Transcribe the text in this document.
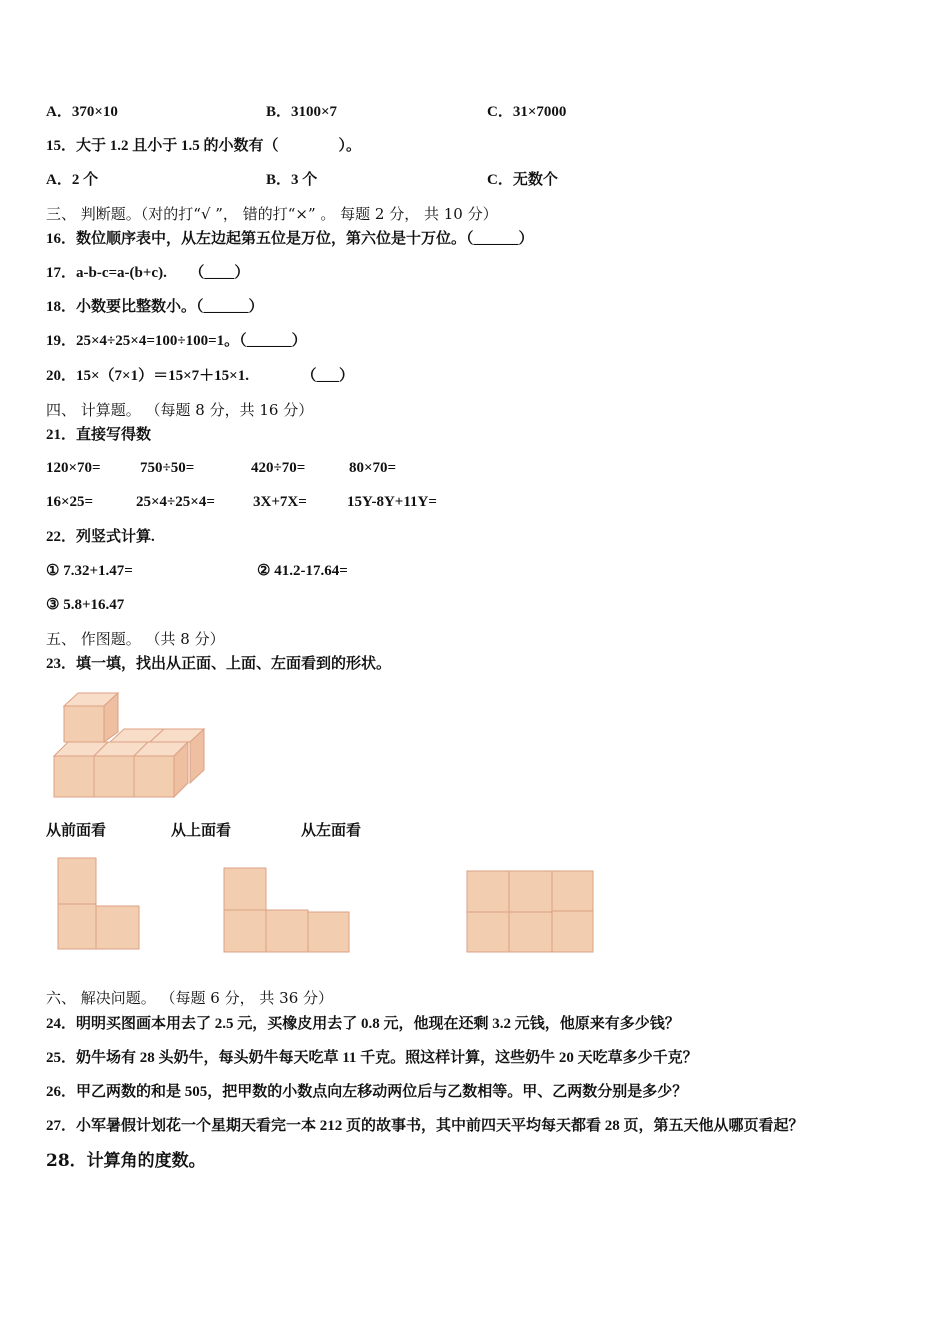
A．370×10	B．3100×7	C．31×7000
15．大于 1.2 且小于 1.5 的小数有（　　　　）。
A．2 个	B．3 个	C．无数个
三、 判断题。（对的打“√ ”， 错的打“×” 。 每题 2 分， 共 10 分）
16．数位顺序表中，从左边起第五位是万位，第六位是十万位。（______）
17．a-b-c=a-(b+c).　　（____）
18．小数要比整数小。（______）
19．25×4÷25×4=100÷100=1。（______）
20．15×（7×1）＝15×7＋15×1.　　　　（___）
四、 计算题。 （每题 8 分，共 16 分）
21．直接写得数
120×70=	750÷50=	420÷70=	80×70=
16×25=	25×4÷25×4=	3X+7X=	15Y-8Y+11Y=
22．列竖式计算.
① 7.32+1.47=	② 41.2-17.64=
③ 5.8+16.47
五、 作图题。 （共 8 分）
23．填一填，找出从正面、上面、左面看到的形状。
从前面看	从上面看	从左面看
六、 解决问题。 （每题 6 分， 共 36 分）
24．明明买图画本用去了 2.5 元，买橡皮用去了 0.8 元，他现在还剩 3.2 元钱，他原来有多少钱？
25．奶牛场有 28 头奶牛，每头奶牛每天吃草 11 千克。照这样计算，这些奶牛 20 天吃草多少千克？
26．甲乙两数的和是 505，把甲数的小数点向左移动两位后与乙数相等。甲、乙两数分别是多少？
27．小军暑假计划花一个星期天看完一本 212 页的故事书，其中前四天平均每天都看 28 页，第五天他从哪页看起？
28．计算角的度数。
